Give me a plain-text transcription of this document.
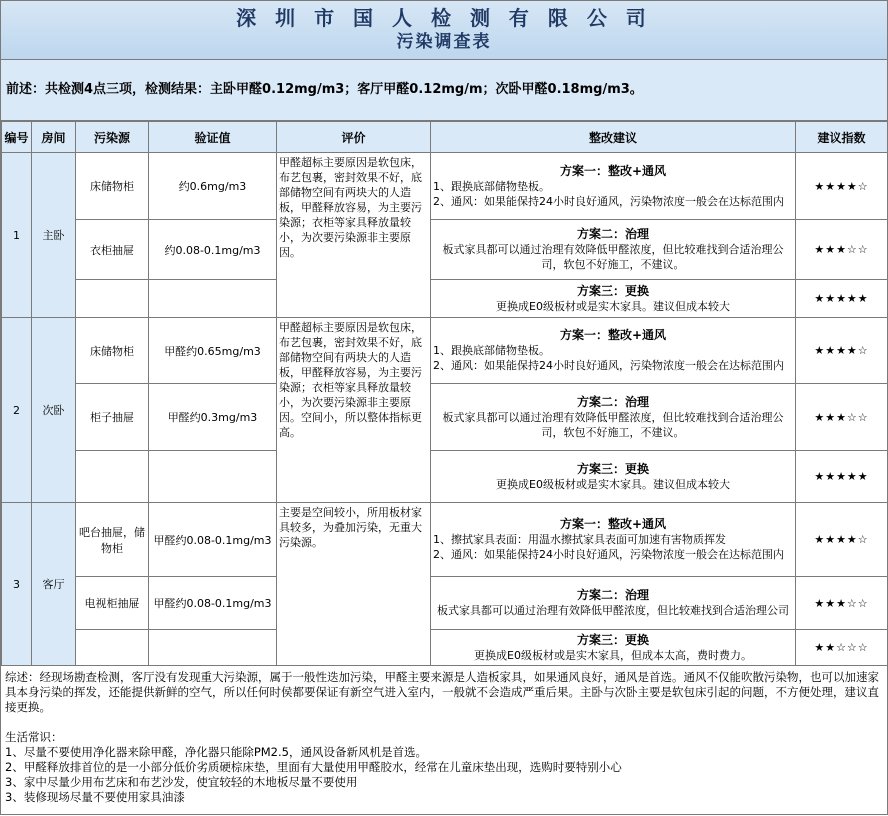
深 圳 市 国 人 检 测 有 限 公 司
污染调查表
前述：共检测4点三项，检测结果：主卧甲醛0.12mg/m3；客厅甲醛0.12mg/m；次卧甲醛0.18mg/m3。
编号	房间	污染源	验证值	评价	整改建议	建议指数
1	主卧	床储物柜	约0.6mg/m3	甲醛超标主要原因是软包床，布艺包裹，密封效果不好，底部储物空间有两块大的人造板，甲醛释放容易，为主要污染源；衣柜等家具释放量较小，为次要污染源非主要原因。	方案一：整改+通风
1、跟换底部储物垫板。
2、通风：如果能保持24小时良好通风，污染物浓度一般会在达标范围内	★★★★☆
		衣柜抽屉	约0.08-0.1mg/m3		方案二：治理
板式家具都可以通过治理有效降低甲醛浓度，但比较难找到合适治理公司，软包不好施工，不建议。	★★★☆☆

					方案三：更换
更换成E0级板材或是实木家具。建议但成本较大	★★★★★
2	次卧	床储物柜	甲醛约0.65mg/m3	甲醛超标主要原因是软包床，布艺包裹，密封效果不好，底部储物空间有两块大的人造板，甲醛释放容易，为主要污染源；衣柜等家具释放量较小，为次要污染源非主要原因。空间小，所以整体指标更高。	方案一：整改+通风
1、跟换底部储物垫板。
2、通风：如果能保持24小时良好通风，污染物浓度一般会在达标范围内	★★★★☆
		柜子抽屉	甲醛约0.3mg/m3		方案二：治理
板式家具都可以通过治理有效降低甲醛浓度，但比较难找到合适治理公司，软包不好施工，不建议。	★★★☆☆

					方案三：更换
更换成E0级板材或是实木家具。建议但成本较大	★★★★★
3	客厅	吧台抽屉，储物柜	甲醛约0.08-0.1mg/m3	主要是空间较小，所用板材家具较多，为叠加污染，无重大污染源。	方案一：整改+通风
1、擦拭家具表面：用温水擦拭家具表面可加速有害物质挥发
2、通风：如果能保持24小时良好通风，污染物浓度一般会在达标范围内	★★★★☆
		电视柜抽屉	甲醛约0.08-0.1mg/m3		方案二：治理
板式家具都可以通过治理有效降低甲醛浓度，但比较难找到合适治理公司	★★★☆☆

					方案三：更换
更换成E0级板材或是实木家具，但成本太高，费时费力。	★★☆☆☆

综述：经现场勘查检测，客厅没有发现重大污染源，属于一般性迭加污染，甲醛主要来源是人造板家具，如果通风良好，通风是首选。通风不仅能吹散污染物，也可以加速家具本身污染的挥发，还能提供新鲜的空气，所以任何时侯都要保证有新空气进入室内，一般就不会造成严重后果。主卧与次卧主要是软包床引起的问题，不方便处理，建议直接更换。

生活常识：

1、尽量不要使用净化器来除甲醛，净化器只能除PM2.5，通风设备新风机是首选。

2、甲醛释放排首位的是一小部分低价劣质硬棕床垫，里面有大量使用甲醛胶水，经常在儿童床垫出现，选购时要特别小心

3、家中尽量少用布艺床和布艺沙发，使宜较轻的木地板尽量不要使用

3、装修现场尽量不要使用家具油漆
